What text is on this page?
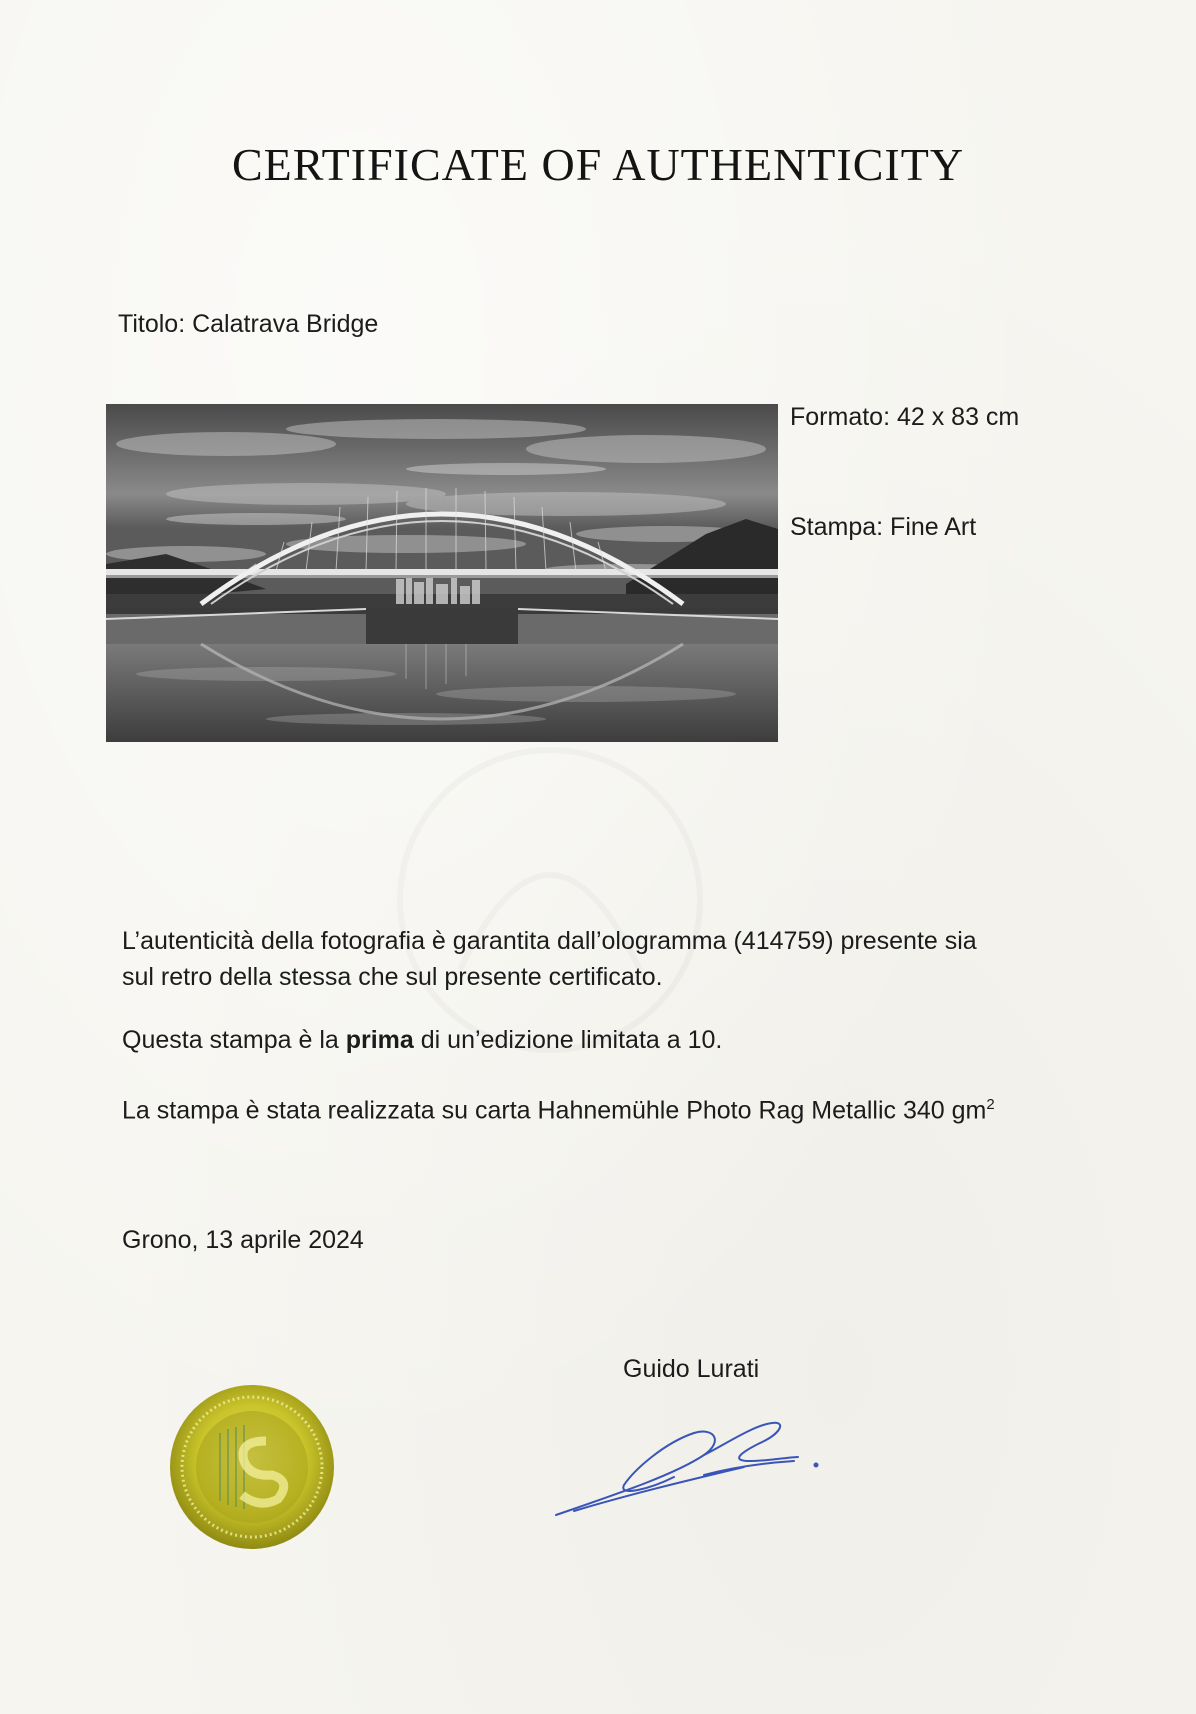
CERTIFICATE OF AUTHENTICITY
Titolo: Calatrava Bridge
Formato: 42 x 83 cm
Stampa: Fine Art
L’autenticità della fotografia è garantita dall’ologramma (414759) presente sia
sul retro della stessa che sul presente certificato.
Questa stampa è la prima di un’edizione limitata a 10.
La stampa è stata realizzata su carta Hahnemühle Photo Rag Metallic 340 $gm^2$
Grono, 13 aprile 2024
Guido Lurati
